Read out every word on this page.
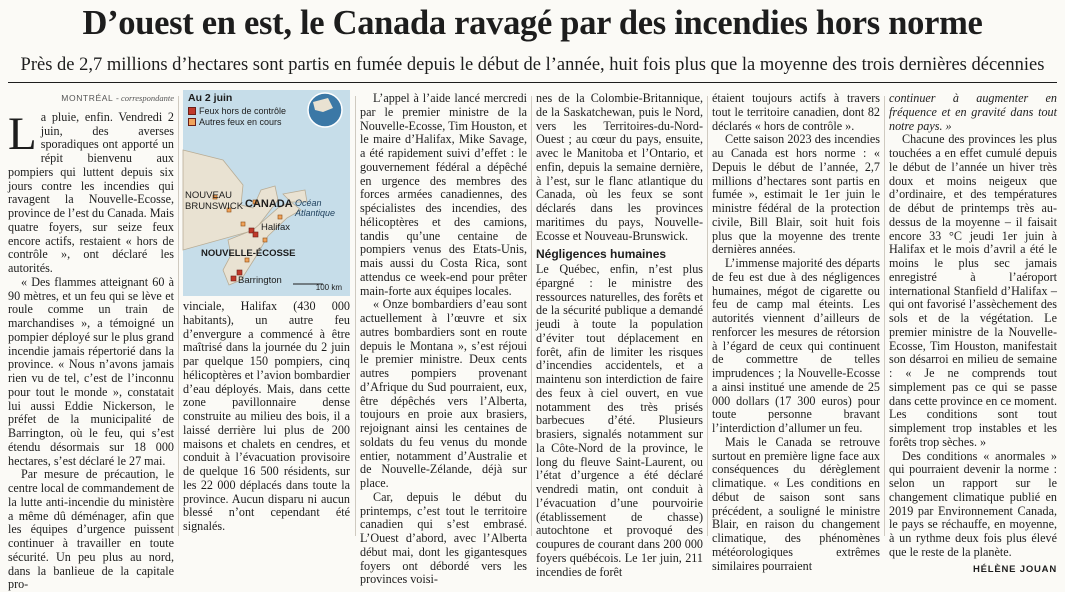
D’ouest en est, le Canada ravagé par des incendies hors norme
Près de 2,7 millions d’hectares sont partis en fumée depuis le début de l’année, huit fois plus que la moyenne des trois dernières décennies
MONTRÉAL - correspondante

La pluie, enfin. Vendredi 2 juin, des averses sporadiques ont apporté un répit bienvenu aux pompiers qui luttent depuis six jours contre les incendies qui ravagent la Nouvelle-Ecosse, province de l’est du Canada. Mais quatre foyers, sur seize feux encore actifs, restaient « hors de contrôle », ont déclaré les autorités.

« Des flammes atteignant 60 à 90 mètres, et un feu qui se lève et roule comme un train de marchandises », a témoigné un pompier déployé sur le plus grand incendie jamais répertorié dans la province. « Nous n’avons jamais rien vu de tel, c’est de l’inconnu pour tout le monde », constatait lui aussi Eddie Nickerson, le préfet de la municipalité de Barrington, où le feu, qui s’est étendu désormais sur 18 000 hectares, s’est déclaré le 27 mai.

Par mesure de précaution, le centre local de commandement de la lutte anti-incendie du ministère a même dû déménager, afin que les équipes d’urgence puissent continuer à travailler en toute sécurité. Un peu plus au nord, dans la banlieue de la capitale pro-

Au 2 juin
Feux hors de contrôle
Autres feux en cours
NOUVEAU
BRUNSWICK CANADA Océan
Atlantique
Halifax
NOUVELLE-ÉCOSSE
Barrington
100 km

vinciale, Halifax (430 000 habitants), un autre feu d’envergure a commencé à être maîtrisé dans la journée du 2 juin par quelque 150 pompiers, cinq hélicoptères et l’avion bombardier d’eau déployés. Mais, dans cette zone pavillonnaire dense construite au milieu des bois, il a laissé derrière lui plus de 200 maisons et chalets en cendres, et conduit à l’évacuation provisoire de quelque 16 500 résidents, sur les 22 000 déplacés dans toute la province. Aucun disparu ni aucun blessé n’ont cependant été signalés.

L’appel à l’aide lancé mercredi par le premier ministre de la Nouvelle-Ecosse, Tim Houston, et le maire d’Halifax, Mike Savage, a été rapidement suivi d’effet : le gouvernement fédéral a dépêché en urgence des membres des forces armées canadiennes, des spécialistes des incendies, des hélicoptères et des camions, tandis qu’une centaine de pompiers venus des Etats-Unis, mais aussi du Costa Rica, sont attendus ce week-end pour prêter main-forte aux équipes locales.

« Onze bombardiers d’eau sont actuellement à l’œuvre et six autres bombardiers sont en route depuis le Montana », s’est réjoui le premier ministre. Deux cents autres pompiers provenant d’Afrique du Sud pourraient, eux, être dépêchés vers l’Alberta, toujours en proie aux brasiers, rejoignant ainsi les centaines de soldats du feu venus du monde entier, notamment d’Australie et de Nouvelle-Zélande, déjà sur place.

Car, depuis le début du printemps, c’est tout le territoire canadien qui s’est embrasé. L’Ouest d’abord, avec l’Alberta début mai, dont les gigantesques foyers ont débordé vers les provinces voisi-

nes de la Colombie-Britannique, de la Saskatchewan, puis le Nord, vers les Territoires-du-Nord-Ouest ; au cœur du pays, ensuite, avec le Manitoba et l’Ontario, et enfin, depuis la semaine dernière, à l’est, sur le flanc atlantique du Canada, où les feux se sont déclarés dans les provinces maritimes du pays, Nouvelle-Ecosse et Nouveau-Brunswick.

Négligences humaines

Le Québec, enfin, n’est plus épargné : le ministre des ressources naturelles, des forêts et de la sécurité publique a demandé jeudi à toute la population d’éviter tout déplacement en forêt, afin de limiter les risques d’incendies accidentels, et a maintenu son interdiction de faire des feux à ciel ouvert, en vue notamment des très prisés barbecues d’été. Plusieurs brasiers, signalés notamment sur la Côte-Nord de la province, le long du fleuve Saint-Laurent, ou l’état d’urgence a été déclaré vendredi matin, ont conduit à l’évacuation d’une pourvoirie (établissement de chasse) autochtone et provoqué des coupures de courant dans 200 000 foyers québécois. Le 1er juin, 211 incendies de forêt

étaient toujours actifs à travers tout le territoire canadien, dont 82 déclarés « hors de contrôle ».

Cette saison 2023 des incendies au Canada est hors norme : « Depuis le début de l’année, 2,7 millions d’hectares sont partis en fumée », estimait le 1er juin le ministre fédéral de la protection civile, Bill Blair, soit huit fois plus que la moyenne des trente dernières années.

L’immense majorité des départs de feu est due à des négligences humaines, mégot de cigarette ou feu de camp mal éteints. Les autorités viennent d’ailleurs de renforcer les mesures de rétorsion à l’égard de ceux qui continuent de commettre de telles imprudences ; la Nouvelle-Ecosse a ainsi institué une amende de 25 000 dollars (17 300 euros) pour toute personne bravant l’interdiction d’allumer un feu.

Mais le Canada se retrouve surtout en première ligne face aux conséquences du dérèglement climatique. « Les conditions en début de saison sont sans précédent, a souligné le ministre Blair, en raison du changement climatique, des phénomènes météorologiques extrêmes similaires pourraient

continuer à augmenter en fréquence et en gravité dans tout notre pays. »

Chacune des provinces les plus touchées a en effet cumulé depuis le début de l’année un hiver très doux et moins neigeux que d’ordinaire, et des températures de début de printemps très au-dessus de la moyenne – il faisait encore 33 °C jeudi 1er juin à Halifax et le mois d’avril a été le moins le plus sec jamais enregistré à l’aéroport international Stanfield d’Halifax – qui ont favorisé l’assèchement des sols et de la végétation. Le premier ministre de la Nouvelle-Ecosse, Tim Houston, manifestait son désarroi en milieu de semaine : « Je ne comprends tout simplement pas ce qui se passe dans cette province en ce moment. Les conditions sont tout simplement trop instables et les forêts trop sèches. »

Des conditions « anormales » qui pourraient devenir la norme : selon un rapport sur le changement climatique publié en 2019 par Environnement Canada, le pays se réchauffe, en moyenne, à un rythme deux fois plus élevé que le reste de la planète.

HÉLÈNE JOUAN
